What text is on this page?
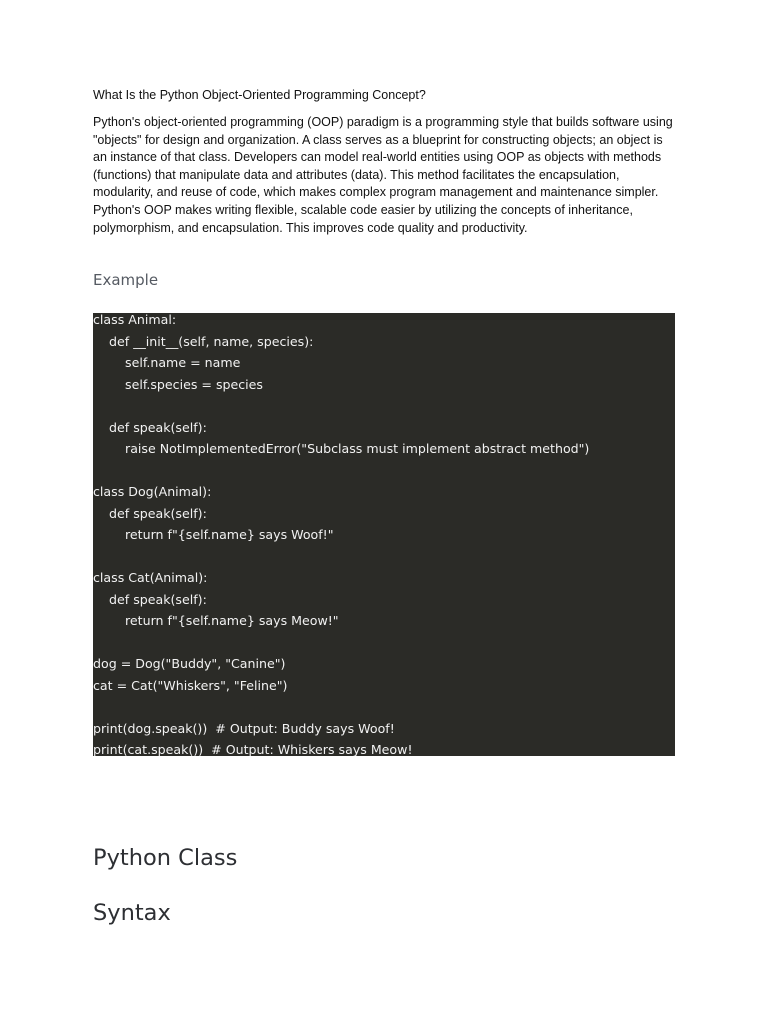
What Is the Python Object-Oriented Programming Concept?
Python's object-oriented programming (OOP) paradigm is a programming style that builds software using "objects" for design and organization. A class serves as a blueprint for constructing objects; an object is an instance of that class. Developers can model real-world entities using OOP as objects with methods (functions) that manipulate data and attributes (data). This method facilitates the encapsulation, modularity, and reuse of code, which makes complex program management and maintenance simpler. Python's OOP makes writing flexible, scalable code easier by utilizing the concepts of inheritance, polymorphism, and encapsulation. This improves code quality and productivity.
Example
class Animal:
def __init__(self, name, species):
self.name = name
self.species = species

def speak(self):
raise NotImplementedError("Subclass must implement abstract method")

class Dog(Animal):
def speak(self):
return f"{self.name} says Woof!"

class Cat(Animal):
def speak(self):
return f"{self.name} says Meow!"

dog = Dog("Buddy", "Canine")
cat = Cat("Whiskers", "Feline")

print(dog.speak())  # Output: Buddy says Woof!
print(cat.speak())  # Output: Whiskers says Meow!
Python Class
Syntax
